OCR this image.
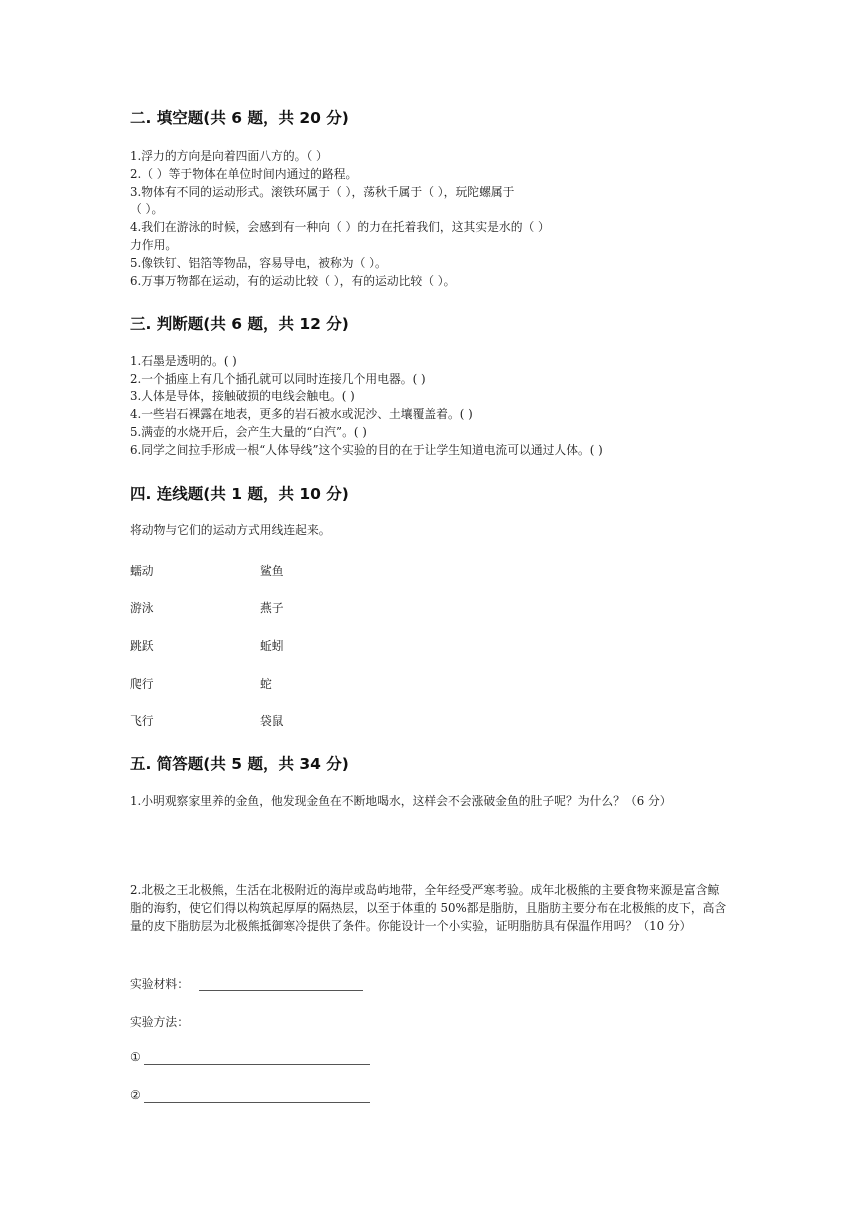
二. 填空题(共 6 题，共 20 分)
1.浮力的方向是向着四面八方的。（ ）
2.（ ）等于物体在单位时间内通过的路程。
3.物体有不同的运动形式。滚铁环属于（ ），荡秋千属于（ ），玩陀螺属于
（ ）。
4.我们在游泳的时候，会感到有一种向（ ）的力在托着我们，这其实是水的（ ）
力作用。
5.像铁钉、铝箔等物品，容易导电，被称为（ ）。
6.万事万物都在运动，有的运动比较（ ），有的运动比较（ ）。
三. 判断题(共 6 题，共 12 分)
1.石墨是透明的。( )
2.一个插座上有几个插孔就可以同时连接几个用电器。( )
3.人体是导体，接触破损的电线会触电。( )
4.一些岩石裸露在地表，更多的岩石被水或泥沙、土壤覆盖着。( )
5.满壶的水烧开后，会产生大量的“白汽”。( )
6.同学之间拉手形成一根“人体导线”这个实验的目的在于让学生知道电流可以通过人体。( )
四. 连线题(共 1 题，共 10 分)
将动物与它们的运动方式用线连起来。
蠕动	鲨鱼
游泳	燕子
跳跃	蚯蚓
爬行	蛇
飞行	袋鼠
五. 简答题(共 5 题，共 34 分)
1.小明观察家里养的金鱼，他发现金鱼在不断地喝水，这样会不会涨破金鱼的肚子呢？为什么？（6 分）
2.北极之王北极熊，生活在北极附近的海岸或岛屿地带，全年经受严寒考验。成年北极熊的主要食物来源是富含鲸脂的海豹，使它们得以构筑起厚厚的隔热层，以至于体重的 50%都是脂肪，且脂肪主要分布在北极熊的皮下，高含量的皮下脂肪层为北极熊抵御寒冷提供了条件。你能设计一个小实验，证明脂肪具有保温作用吗？（10 分）
实验材料：
实验方法：
①
②
